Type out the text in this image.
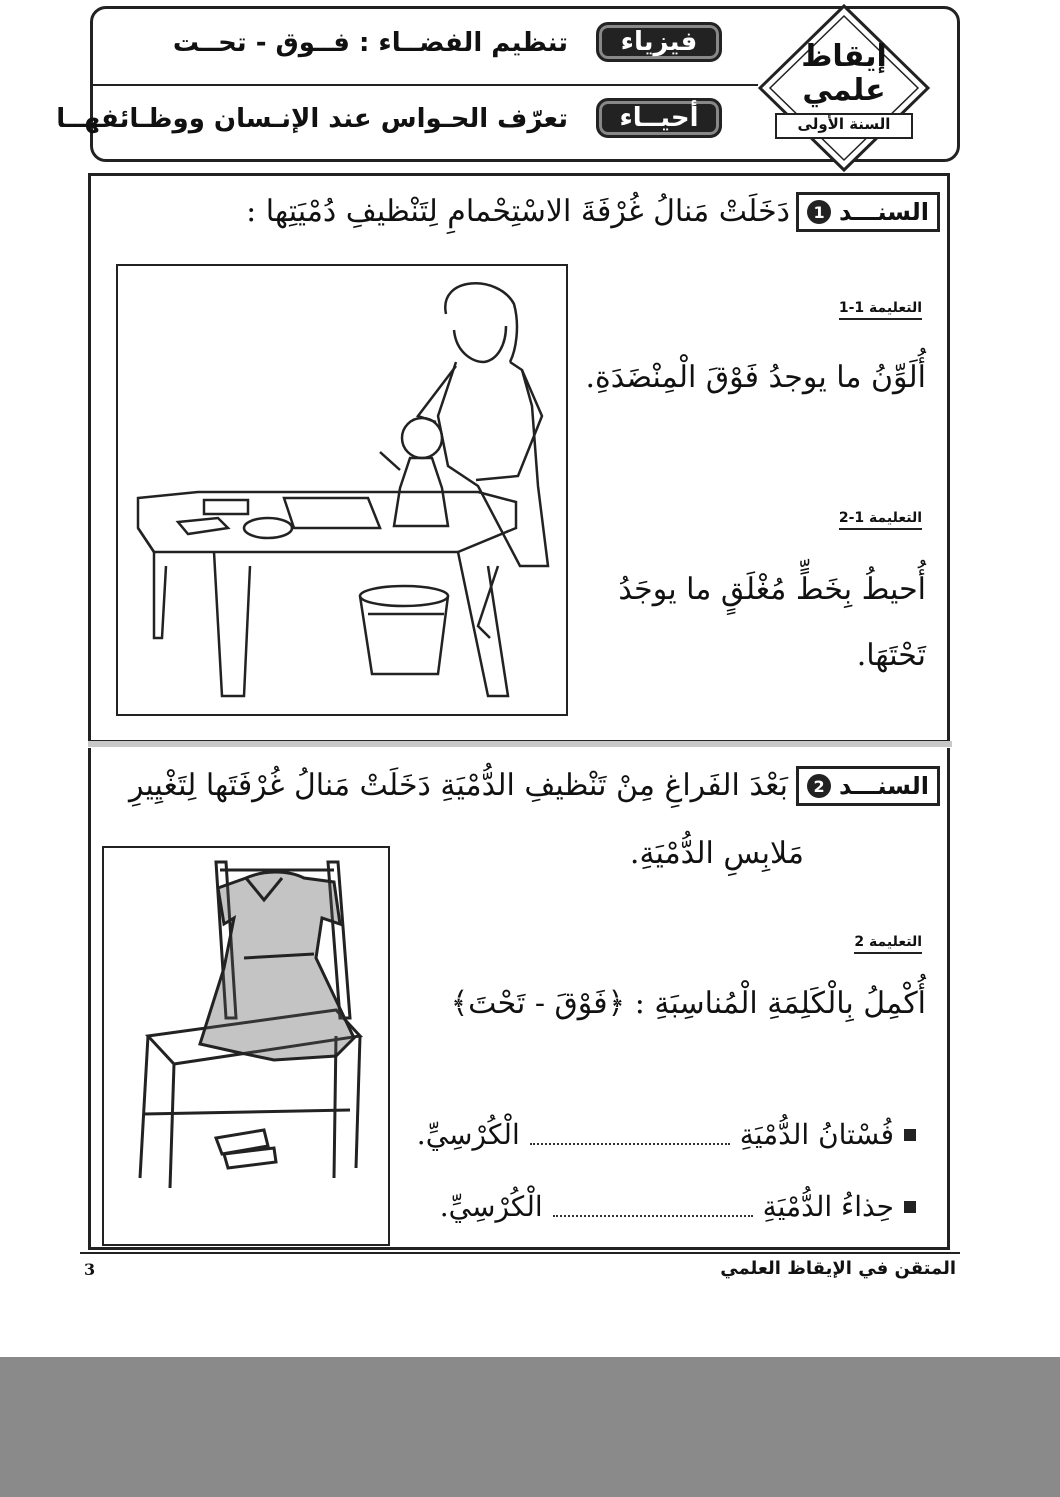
إيقاظ علمي
السنة الأولى
فيزياء
تنظيم الفضــاء : فــوق - تحــت
أحيــاء
تعرّف الحـواس عند الإنـسان ووظـائفهــا
السنـــد
1
دَخَلَتْ مَنالُ غُرْفَةَ الاسْتِحْمامِ لِتَنْظيفِ دُمْيَتِها :
التعليمة 1-1
أُلَوِّنُ ما يوجدُ فَوْقَ الْمِنْضَدَةِ.
التعليمة 1-2
أُحيطُ بِخَطٍّ مُغْلَقٍ ما يوجَدُ
تَحْتَهَا.
السنـــد
2
بَعْدَ الفَراغِ مِنْ تَنْظيفِ الدُّمْيَةِ دَخَلَتْ مَنالُ غُرْفَتَها لِتَغْيِيرِ
مَلابِسِ الدُّمْيَةِ.
التعليمة 2
أُكْمِلُ بِالْكَلِمَةِ الْمُناسِبَةِ : ﴿فَوْقَ - تَحْتَ﴾
فُسْتانُ الدُّمْيَةِ
الْكُرْسِيِّ.
حِذاءُ الدُّمْيَةِ
الْكُرْسِيِّ.
3	المتقن في الإيقاظ العلمي
